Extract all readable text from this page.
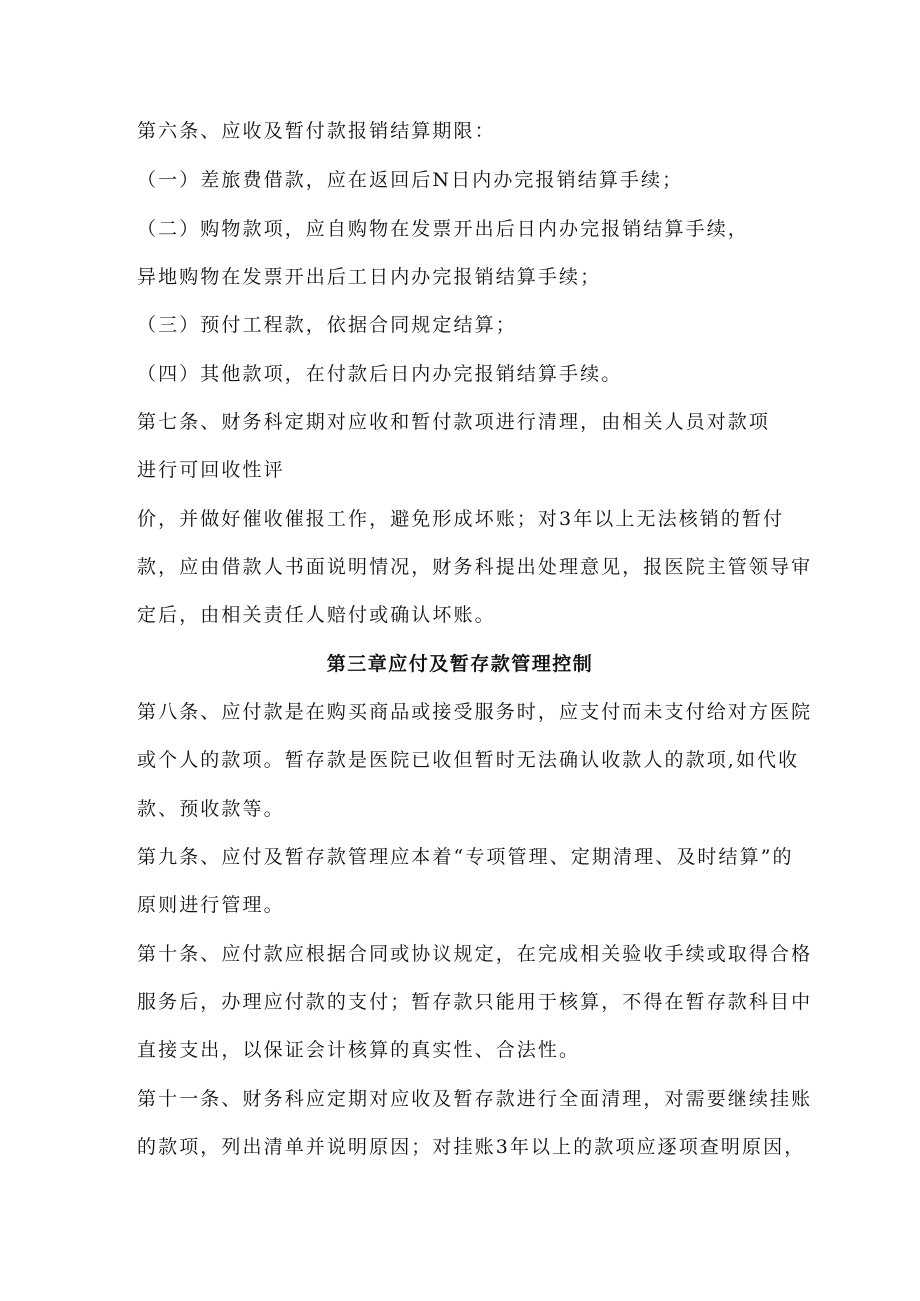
第六条、应收及暂付款报销结算期限：
（一）差旅费借款，应在返回后N日内办完报销结算手续；
（二）购物款项，应自购物在发票开出后日内办完报销结算手续，
异地购物在发票开出后工日内办完报销结算手续；
（三）预付工程款，依据合同规定结算；
（四）其他款项，在付款后日内办完报销结算手续。
第七条、财务科定期对应收和暂付款项进行清理，由相关人员对款项
进行可回收性评
价，并做好催收催报工作，避免形成坏账；对3年以上无法核销的暂付
款，应由借款人书面说明情况，财务科提出处理意见，报医院主管领导审
定后，由相关责任人赔付或确认坏账。
第三章应付及暂存款管理控制
第八条、应付款是在购买商品或接受服务时，应支付而未支付给对方医院
或个人的款项。暂存款是医院已收但暂时无法确认收款人的款项,如代收
款、预收款等。
第九条、应付及暂存款管理应本着“专项管理、定期清理、及时结算”的
原则进行管理。
第十条、应付款应根据合同或协议规定，在完成相关验收手续或取得合格
服务后，办理应付款的支付；暂存款只能用于核算，不得在暂存款科目中
直接支出，以保证会计核算的真实性、合法性。
第十一条、财务科应定期对应收及暂存款进行全面清理，对需要继续挂账
的款项，列出清单并说明原因；对挂账3年以上的款项应逐项查明原因，
